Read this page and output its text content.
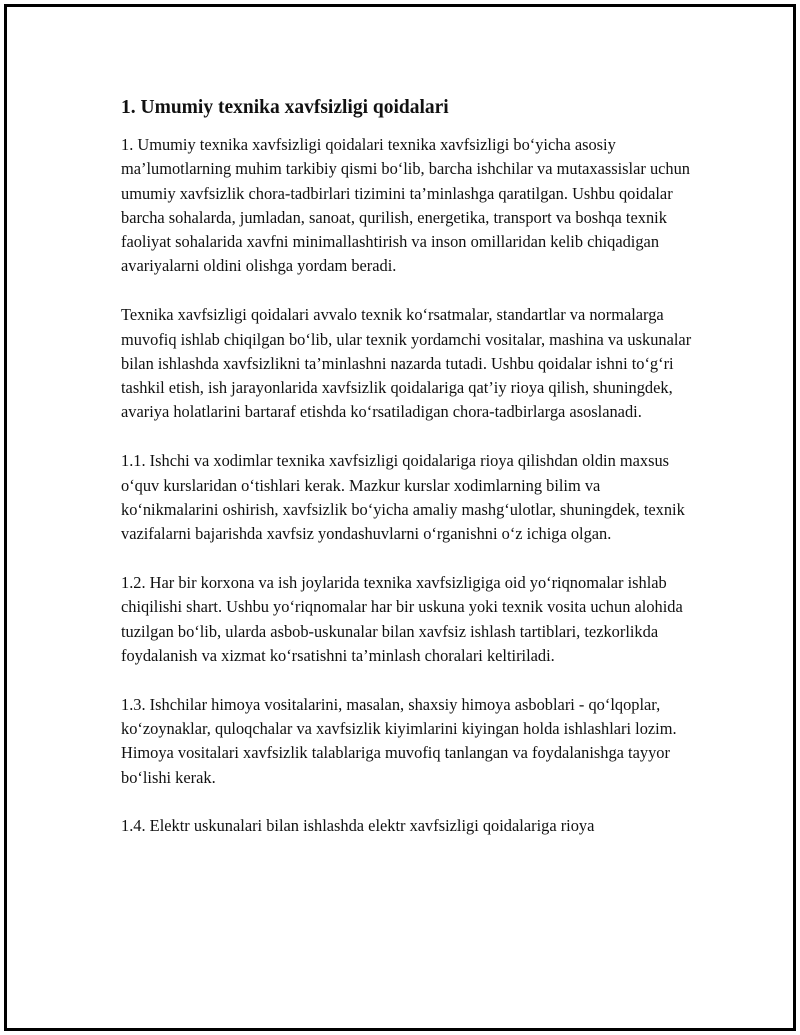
1. Umumiy texnika xavfsizligi qoidalari

1. Umumiy texnika xavfsizligi qoidalari texnika xavfsizligi bo‘yicha asosiy ma’lumotlarning muhim tarkibiy qismi bo‘lib, barcha ishchilar va mutaxassislar uchun umumiy xavfsizlik chora-tadbirlari tizimini ta’minlashga qaratilgan. Ushbu qoidalar barcha sohalarda, jumladan, sanoat, qurilish, energetika, transport va boshqa texnik faoliyat sohalarida xavfni minimallashtirish va inson omillaridan kelib chiqadigan avariyalarni oldini olishga yordam beradi.

Texnika xavfsizligi qoidalari avvalo texnik ko‘rsatmalar, standartlar va normalarga muvofiq ishlab chiqilgan bo‘lib, ular texnik yordamchi vositalar, mashina va uskunalar bilan ishlashda xavfsizlikni ta’minlashni nazarda tutadi. Ushbu qoidalar ishni to‘g‘ri tashkil etish, ish jarayonlarida xavfsizlik qoidalariga qat’iy rioya qilish, shuningdek, avariya holatlarini bartaraf etishda ko‘rsatiladigan chora-tadbirlarga asoslanadi.

1.1. Ishchi va xodimlar texnika xavfsizligi qoidalariga rioya qilishdan oldin maxsus o‘quv kurslaridan o‘tishlari kerak. Mazkur kurslar xodimlarning bilim va ko‘nikmalarini oshirish, xavfsizlik bo‘yicha amaliy mashg‘ulotlar, shuningdek, texnik vazifalarni bajarishda xavfsiz yondashuvlarni o‘rganishni o‘z ichiga olgan.

1.2. Har bir korxona va ish joylarida texnika xavfsizligiga oid yo‘riqnomalar ishlab chiqilishi shart. Ushbu yo‘riqnomalar har bir uskuna yoki texnik vosita uchun alohida tuzilgan bo‘lib, ularda asbob-uskunalar bilan xavfsiz ishlash tartiblari, tezkorlikda foydalanish va xizmat ko‘rsatishni ta’minlash choralari keltiriladi.

1.3. Ishchilar himoya vositalarini, masalan, shaxsiy himoya asboblari - qo‘lqoplar, ko‘zoynaklar, quloqchalar va xavfsizlik kiyimlarini kiyingan holda ishlashlari lozim. Himoya vositalari xavfsizlik talablariga muvofiq tanlangan va foydalanishga tayyor bo‘lishi kerak.

1.4. Elektr uskunalari bilan ishlashda elektr xavfsizligi qoidalariga rioya
